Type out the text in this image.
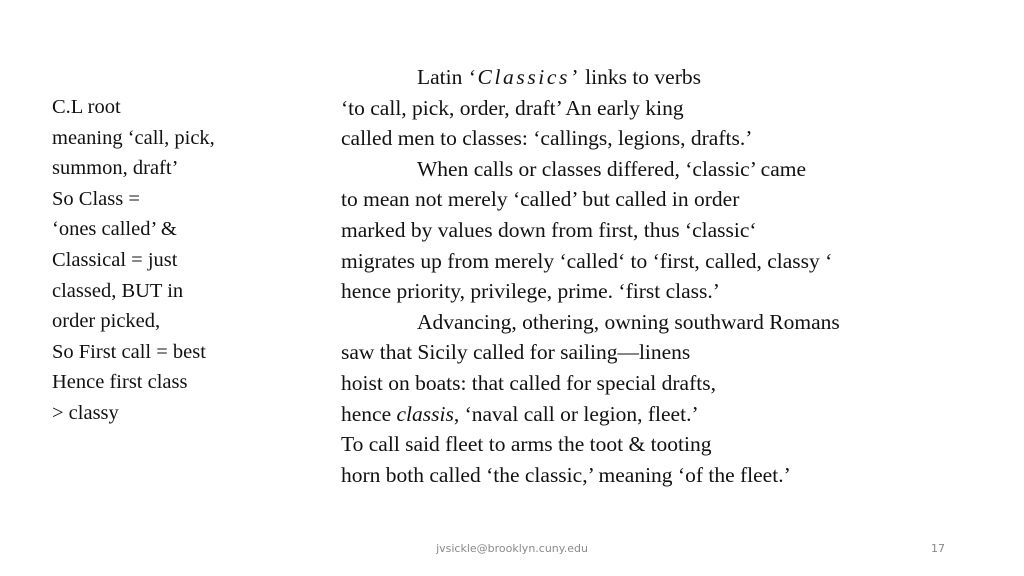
C.L root
meaning ‘call, pick,
summon, draft’
So Class =
‘ones called’ &
Classical = just
classed, BUT in
order picked,
So First call = best
Hence first class
> classy
Latin ‘Classics’ links to verbs
‘to call, pick, order, draft’ An early king
called men to classes: ‘callings, legions, drafts.’
When calls or classes differed, ‘classic’ came
to mean not merely ‘called’ but called in order
marked by values down from first, thus ‘classic‘
migrates up from merely ‘called‘ to ‘first, called, classy ‘
hence priority, privilege, prime. ‘first class.’
Advancing, othering, owning southward Romans
saw that Sicily called for sailing—linens
hoist on boats: that called for special drafts,
hence classis, ‘naval call or legion, fleet.’
To call said fleet to arms the toot & tooting
horn both called ‘the classic,’ meaning ‘of the fleet.’
jvsickle@brooklyn.cuny.edu	17
